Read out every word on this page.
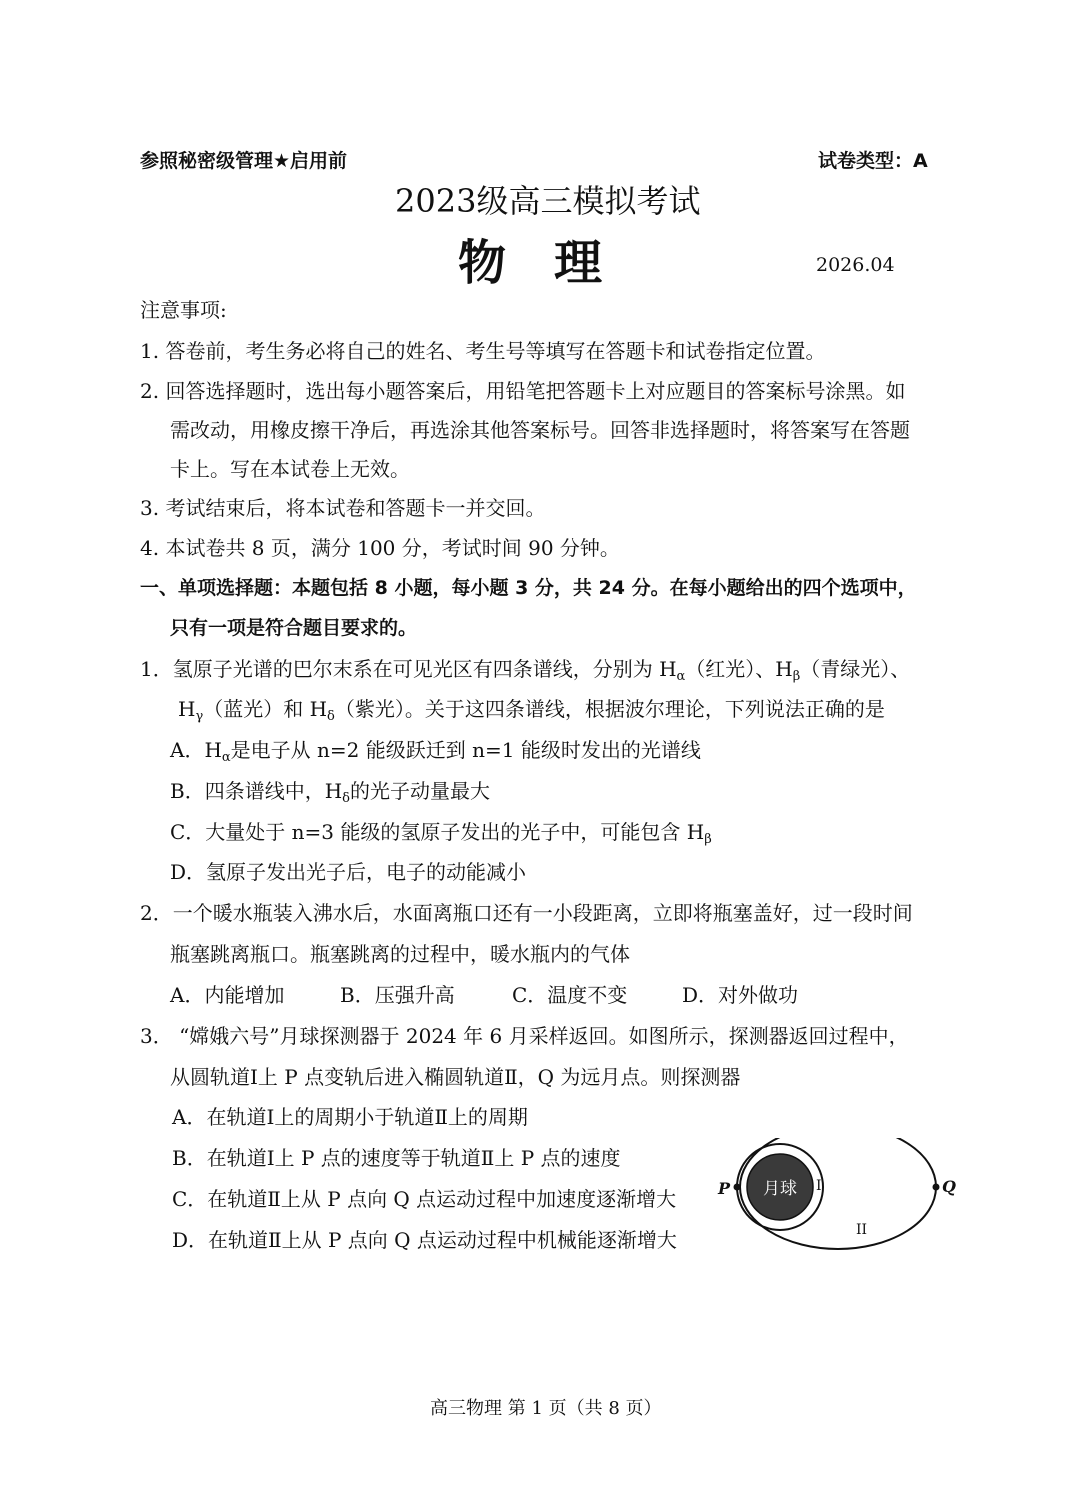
参照秘密级管理★启用前	试卷类型：A
2023级高三模拟考试
物　理	2026.04
注意事项:
1. 答卷前，考生务必将自己的姓名、考生号等填写在答题卡和试卷指定位置。
2. 回答选择题时，选出每小题答案后，用铅笔把答题卡上对应题目的答案标号涂黑。如
需改动，用橡皮擦干净后，再选涂其他答案标号。回答非选择题时，将答案写在答题
卡上。写在本试卷上无效。
3. 考试结束后，将本试卷和答题卡一并交回。
4. 本试卷共 8 页，满分 100 分，考试时间 90 分钟。
一、单项选择题：本题包括 8 小题，每小题 3 分，共 24 分。在每小题给出的四个选项中，
只有一项是符合题目要求的。
1．氢原子光谱的巴尔末系在可见光区有四条谱线，分别为 $H_\alpha$（红光）、$H_\beta$（青绿光）、
$H_\gamma$（蓝光）和 $H_\delta$（紫光）。关于这四条谱线，根据波尔理论，下列说法正确的是
A．$H_\alpha$是电子从 n=2 能级跃迁到 n=1 能级时发出的光谱线
B．四条谱线中，$H_\delta$的光子动量最大
C．大量处于 n=3 能级的氢原子发出的光子中，可能包含 $H_\beta$
D．氢原子发出光子后，电子的动能减小
2．一个暖水瓶装入沸水后，水面离瓶口还有一小段距离，立即将瓶塞盖好，过一段时间
瓶塞跳离瓶口。瓶塞跳离的过程中，暖水瓶内的气体
A．内能增加	B．压强升高	C．温度不变	D．对外做功
3． “嫦娥六号”月球探测器于 2024 年 6 月采样返回。如图所示，探测器返回过程中，
从圆轨道Ⅰ上 P 点变轨后进入椭圆轨道Ⅱ，Q 为远月点。则探测器
A．在轨道Ⅰ上的周期小于轨道Ⅱ上的周期
B．在轨道Ⅰ上 P 点的速度等于轨道Ⅱ上 P 点的速度
C．在轨道Ⅱ上从 P 点向 Q 点运动过程中加速度逐渐增大
D．在轨道Ⅱ上从 P 点向 Q 点运动过程中机械能逐渐增大
月球
P	Q
I
II
高三物理 第 1 页（共 8 页）
